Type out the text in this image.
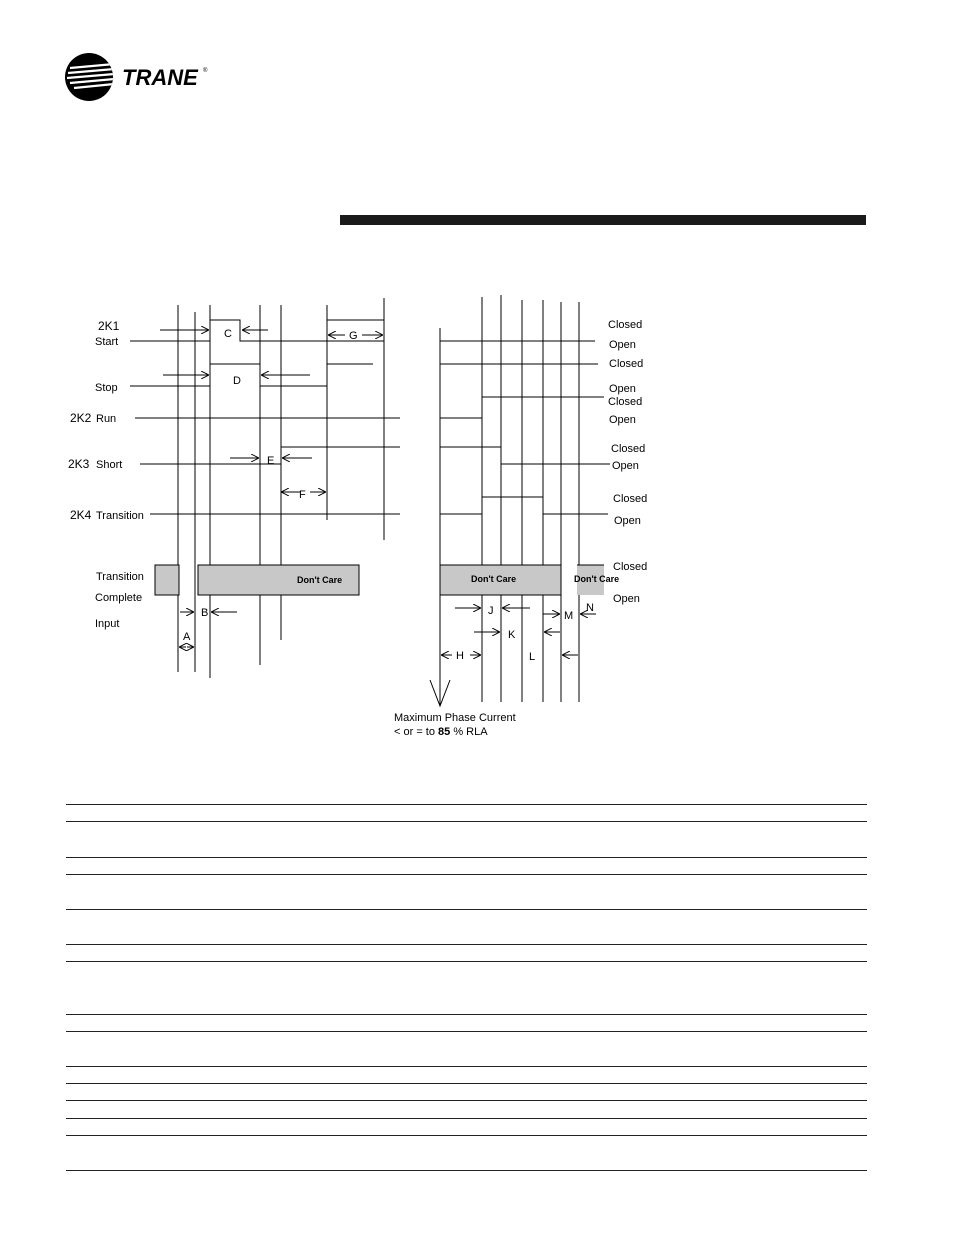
TRANE ®
Don't Care
2K1
Start
Stop
2K2 Run
2K3 Short
2K4 Transition
Transition
Complete
Input
C
D
E
F
G
B
A
Don't Care	Don't Care
J
K
H	L
M
N
Closed
Open
Closed
Open
Closed
Open
Closed
Open
Closed
Open
Closed
Open
Maximum Phase Current
< or = to 85 % RLA
